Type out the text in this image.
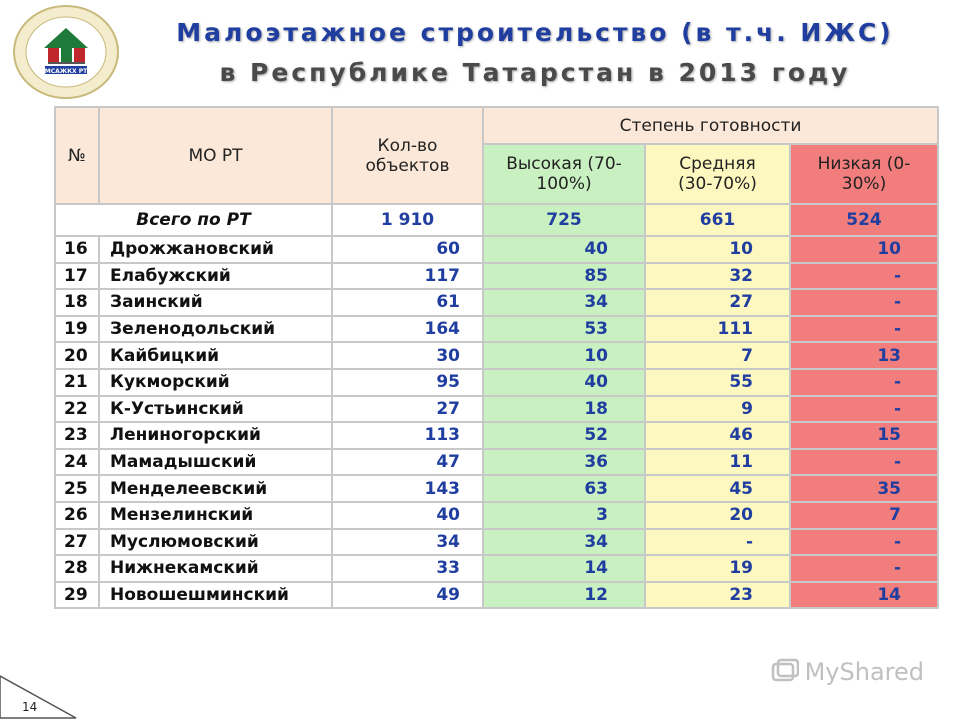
МСАЖКХ РТ
Малоэтажное строительство (в т.ч. ИЖС)
в Республике Татарстан в 2013 году
№	МО РТ	Кол-во объектов	Степень готовности		
			Высокая (70-100%)	Средняя (30-70%)	Низкая (0-30%)
Всего по РТ		1 910	725	661	524
16	Дрожжановский	60	40	10	10
17	Елабужский	117	85	32	-
18	Заинский	61	34	27	-
19	Зеленодольский	164	53	111	-
20	Кайбицкий	30	10	7	13
21	Кукморский	95	40	55	-
22	К-Устьинский	27	18	9	-
23	Лениногорский	113	52	46	15
24	Мамадышский	47	36	11	-
25	Менделеевский	143	63	45	35
26	Мензелинский	40	3	20	7
27	Муслюмовский	34	34	-	-
28	Нижнекамский	33	14	19	-
29	Новошешминский	49	12	23	14
14
MyShared
